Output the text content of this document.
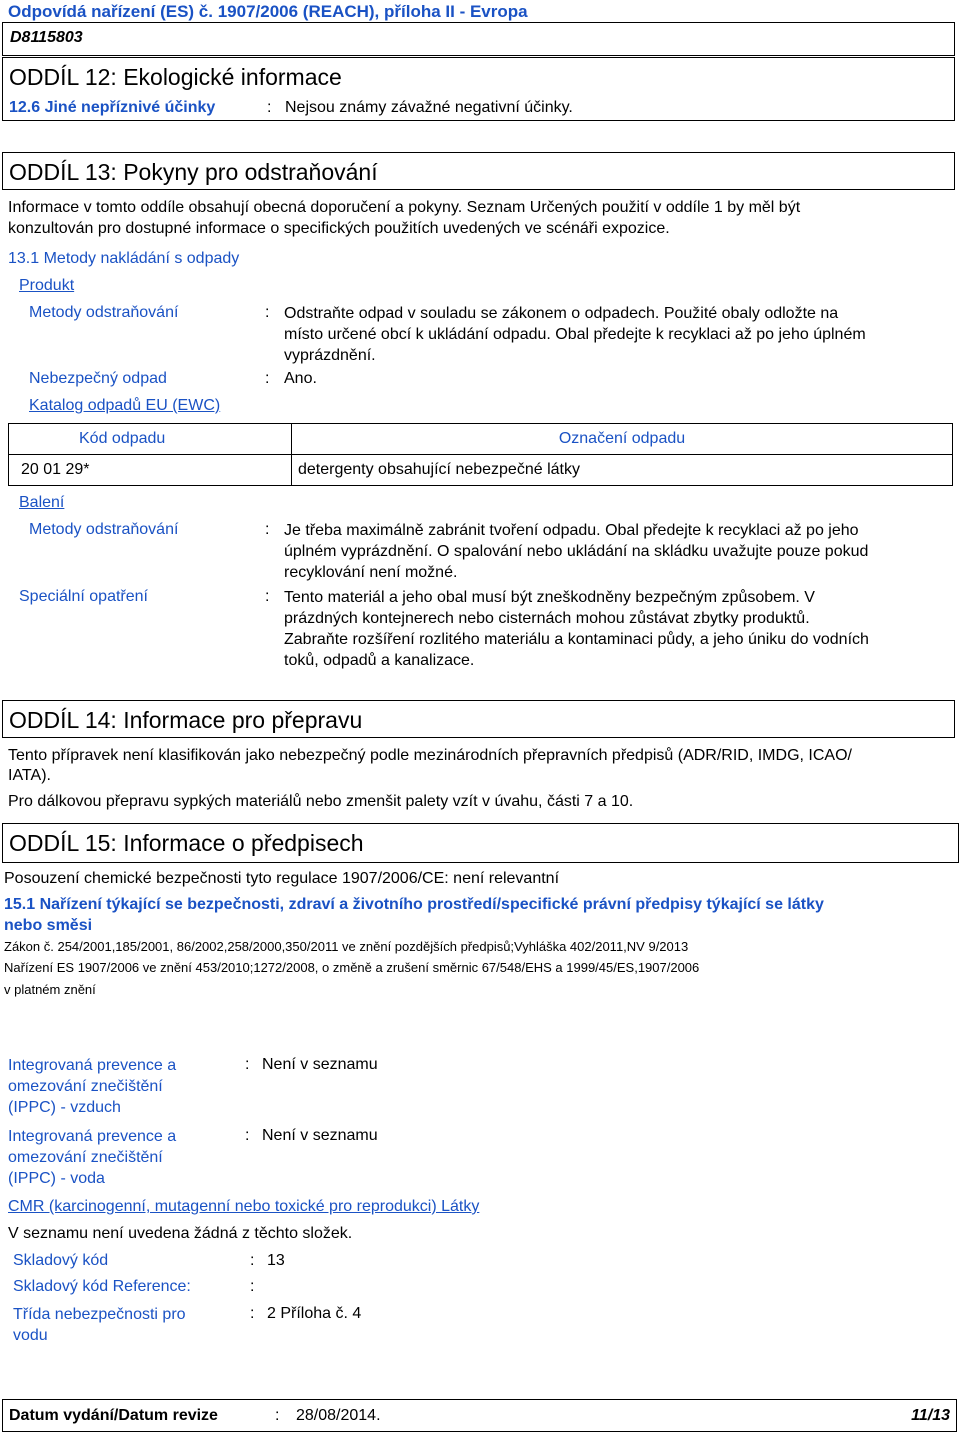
Odpovídá nařízení (ES) č. 1907/2006 (REACH), příloha II - Evropa
D8115803
ODDÍL 12: Ekologické informace
12.6 Jiné nepříznivé účinky	: Nejsou známy závažné negativní účinky.
ODDÍL 13: Pokyny pro odstraňování
Informace v tomto oddíle obsahují obecná doporučení a pokyny. Seznam Určených použití v oddíle 1 by měl být
konzultován pro dostupné informace o specifických použitích uvedených ve scénáři expozice.
13.1 Metody nakládání s odpady
Produkt
Metody odstraňování	: Odstraňte odpad v souladu se zákonem o odpadech. Použité obaly odložte na
místo určené obcí k ukládání odpadu. Obal předejte k recyklaci až po jeho úplném
vyprázdnění.
Nebezpečný odpad	: Ano.
Katalog odpadů EU (EWC)
Kód odpadu	Označení odpadu
20 01 29*	detergenty obsahující nebezpečné látky
Balení
Metody odstraňování	: Je třeba maximálně zabránit tvoření odpadu. Obal předejte k recyklaci až po jeho
úplném vyprázdnění. O spalování nebo ukládání na skládku uvažujte pouze pokud
recyklování není možné.
Speciální opatření	: Tento materiál a jeho obal musí být zneškodněny bezpečným způsobem. V
prázdných kontejnerech nebo cisternách mohou zůstávat zbytky produktů.
Zabraňte rozšíření rozlitého materiálu a kontaminaci půdy, a jeho úniku do vodních
toků, odpadů a kanalizace.
ODDÍL 14: Informace pro přepravu
Tento přípravek není klasifikován jako nebezpečný podle mezinárodních přepravních předpisů (ADR/RID, IMDG, ICAO/
IATA).
Pro dálkovou přepravu sypkých materiálů nebo zmenšit palety vzít v úvahu, části 7 a 10.
ODDÍL 15: Informace o předpisech
Posouzení chemické bezpečnosti tyto regulace 1907/2006/CE: není relevantní
15.1 Nařízení týkající se bezpečnosti, zdraví a životního prostředí/specifické právní předpisy týkající se látky
nebo směsi
Zákon č. 254/2001,185/2001, 86/2002,258/2000,350/2011 ve znění pozdějších předpisů;Vyhláška 402/2011,NV 9/2013
Nařízení ES 1907/2006 ve znění 453/2010;1272/2008, o změně a zrušení směrnic 67/548/EHS a 1999/45/ES,1907/2006
v platném znění
Integrovaná prevence a
omezování znečištění
(IPPC) - vzduch
: Není v seznamu
Integrovaná prevence a
omezování znečištění
(IPPC) - voda
: Není v seznamu
CMR (karcinogenní, mutagenní nebo toxické pro reprodukci) Látky
V seznamu není uvedena žádná z těchto složek.
Skladový kód	: 13
Skladový kód Reference:	:
Třída nebezpečnosti pro
vodu
: 2 Příloha č. 4
Datum vydání/Datum revize	: 28/08/2014.	11/13
